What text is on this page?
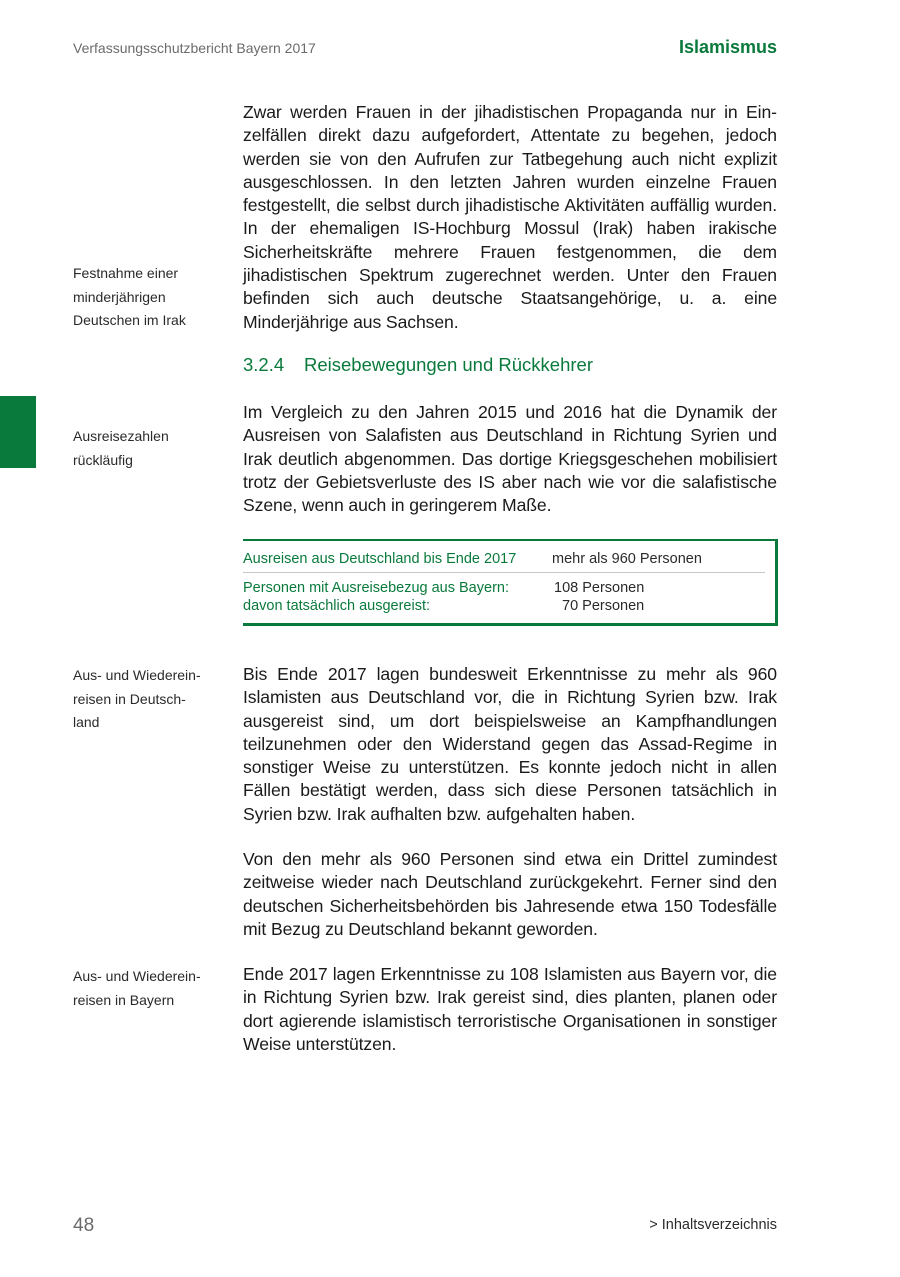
Verfassungsschutzbericht Bayern 2017	Islamismus
Festnahme einer
minderjährigen
Deutschen im Irak
Ausreisezahlen
rückläufig
Aus- und Wiederein-
reisen in Deutsch-
land
Aus- und Wiederein-
reisen in Bayern

Zwar werden Frauen in der jihadistischen Propaganda nur in Einzelfällen direkt dazu aufgefordert, Attentate zu begehen, jedoch werden sie von den Aufrufen zur Tatbegehung auch nicht explizit ausgeschlossen. In den letzten Jahren wurden einzelne Frauen festgestellt, die selbst durch jihadistische Aktivitäten auffällig wurden. In der ehemaligen IS-Hochburg Mossul (Irak) haben irakische Sicherheitskräfte mehrere Frauen festgenommen, die dem jihadistischen Spektrum zugerechnet werden. Unter den Frauen befinden sich auch deutsche Staatsangehörige, u. a. eine Minderjährige aus Sachsen.

3.2.4 Reisebewegungen und Rückkehrer

Im Vergleich zu den Jahren 2015 und 2016 hat die Dynamik der Ausreisen von Salafisten aus Deutschland in Richtung Syrien und Irak deutlich abgenommen. Das dortige Kriegsgeschehen mobilisiert trotz der Gebietsverluste des IS aber nach wie vor die salafistische Szene, wenn auch in geringerem Maße.

Ausreisen aus Deutschland bis Ende 2017 mehr als 960 Personen
Personen mit Ausreisebezug aus Bayern:	108 Personen
davon tatsächlich ausgereist:	70 Personen

Bis Ende 2017 lagen bundesweit Erkenntnisse zu mehr als 960 Islamisten aus Deutschland vor, die in Richtung Syrien bzw. Irak ausgereist sind, um dort beispielsweise an Kampfhandlungen teilzunehmen oder den Widerstand gegen das Assad-Regime in sonstiger Weise zu unterstützen. Es konnte jedoch nicht in allen Fällen bestätigt werden, dass sich diese Personen tatsächlich in Syrien bzw. Irak aufhalten bzw. aufgehalten haben.

Von den mehr als 960 Personen sind etwa ein Drittel zumindest zeitweise wieder nach Deutschland zurückgekehrt. Ferner sind den deutschen Sicherheitsbehörden bis Jahresende etwa 150 Todesfälle mit Bezug zu Deutschland bekannt geworden.

Ende 2017 lagen Erkenntnisse zu 108 Islamisten aus Bayern vor, die in Richtung Syrien bzw. Irak gereist sind, dies planten, planen oder dort agierende islamistisch terroristische Organisationen in sonstiger Weise unterstützen.

48	> Inhaltsverzeichnis
